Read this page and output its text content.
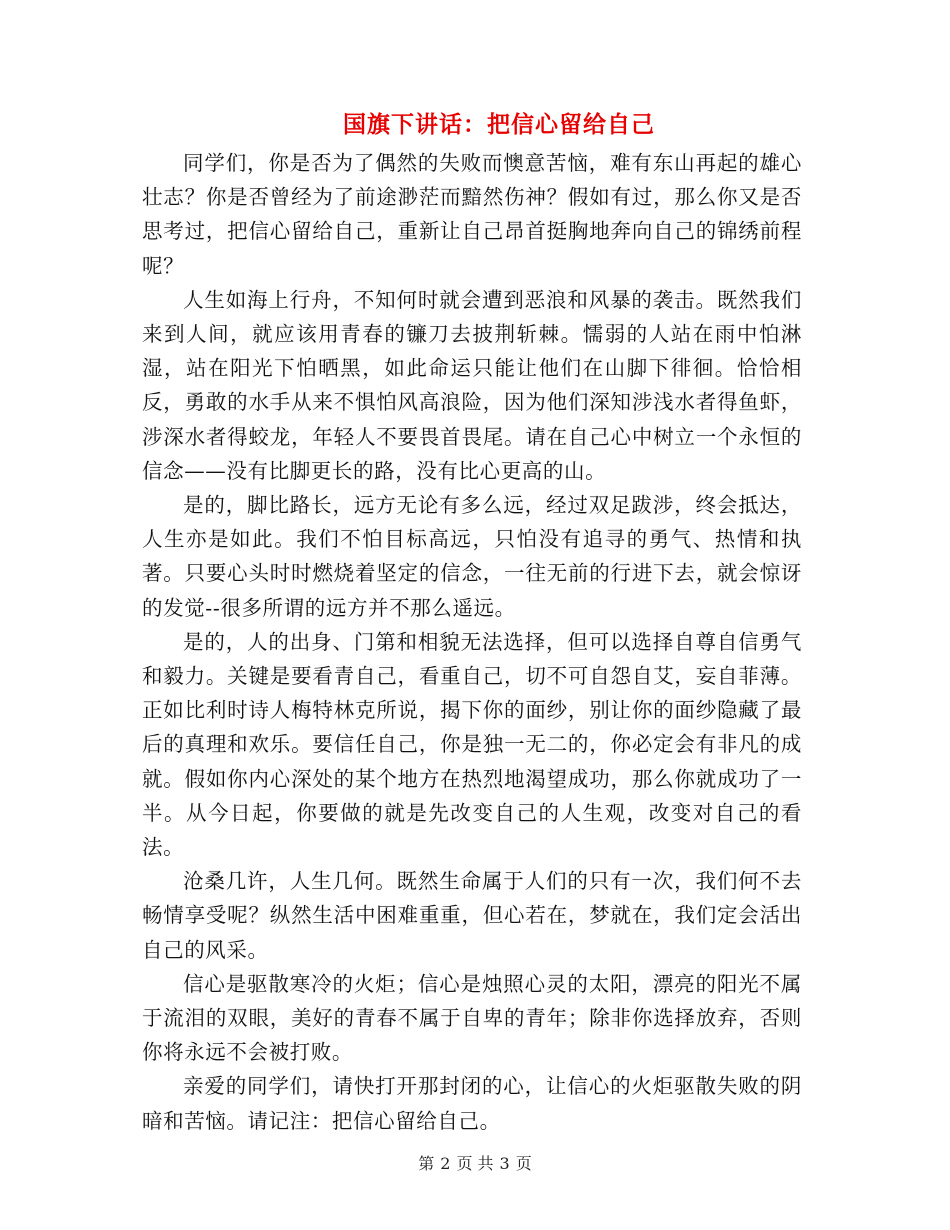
国旗下讲话：把信心留给自己

同学们，你是否为了偶然的失败而懊意苦恼，难有东山再起的雄心壮志？你是否曾经为了前途渺茫而黯然伤神？假如有过，那么你又是否思考过，把信心留给自己，重新让自己昂首挺胸地奔向自己的锦绣前程呢？

人生如海上行舟，不知何时就会遭到恶浪和风暴的袭击。既然我们来到人间，就应该用青春的镰刀去披荆斩棘。懦弱的人站在雨中怕淋湿，站在阳光下怕晒黑，如此命运只能让他们在山脚下徘徊。恰恰相反，勇敢的水手从来不惧怕风高浪险，因为他们深知涉浅水者得鱼虾，涉深水者得蛟龙，年轻人不要畏首畏尾。请在自己心中树立一个永恒的信念——没有比脚更长的路，没有比心更高的山。

是的，脚比路长，远方无论有多么远，经过双足跋涉，终会抵达，人生亦是如此。我们不怕目标高远，只怕没有追寻的勇气、热情和执著。只要心头时时燃烧着坚定的信念，一往无前的行进下去，就会惊讶的发觉--很多所谓的远方并不那么遥远。

是的，人的出身、门第和相貌无法选择，但可以选择自尊自信勇气和毅力。关键是要看青自己，看重自己，切不可自怨自艾，妄自菲薄。正如比利时诗人梅特林克所说，揭下你的面纱，别让你的面纱隐藏了最后的真理和欢乐。要信任自己，你是独一无二的，你必定会有非凡的成就。假如你内心深处的某个地方在热烈地渴望成功，那么你就成功了一半。从今日起，你要做的就是先改变自己的人生观，改变对自己的看法。

沧桑几许，人生几何。既然生命属于人们的只有一次，我们何不去畅情享受呢？纵然生活中困难重重，但心若在，梦就在，我们定会活出自己的风采。

信心是驱散寒冷的火炬；信心是烛照心灵的太阳，漂亮的阳光不属于流泪的双眼，美好的青春不属于自卑的青年；除非你选择放弃，否则你将永远不会被打败。

亲爱的同学们，请快打开那封闭的心，让信心的火炬驱散失败的阴暗和苦恼。请记注：把信心留给自己。

第 2 页 共 3 页
